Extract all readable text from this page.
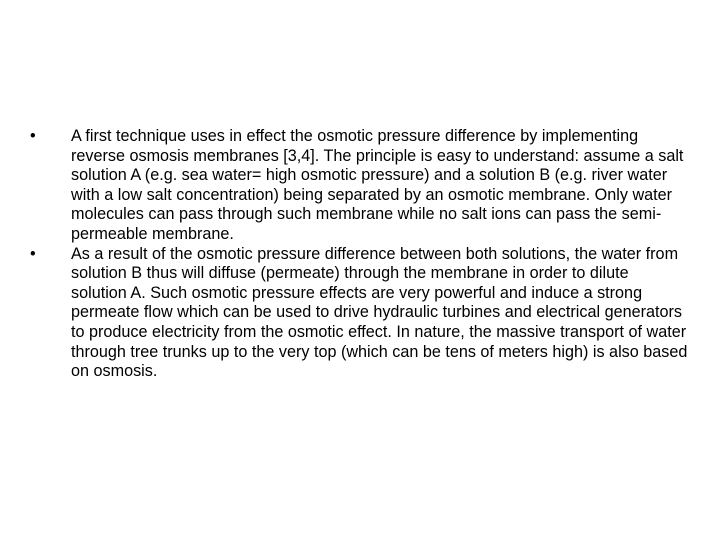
•	A first technique uses in effect the osmotic pressure difference by implementing reverse osmosis membranes [3,4]. The principle is easy to understand: assume a salt solution A (e.g. sea water= high osmotic pressure) and a solution B (e.g. river water with a low salt concentration) being separated by an osmotic membrane. Only water molecules can pass through such membrane while no salt ions can pass the semi-permeable membrane.
•	As a result of the osmotic pressure difference between both solutions, the water from solution B thus will diffuse (permeate) through the membrane in order to dilute solution A. Such osmotic pressure effects are very powerful and induce a strong permeate flow which can be used to drive hydraulic turbines and electrical generators to produce electricity from the osmotic effect. In nature, the massive transport of water through tree trunks up to the very top (which can be tens of meters high) is also based on osmosis.
